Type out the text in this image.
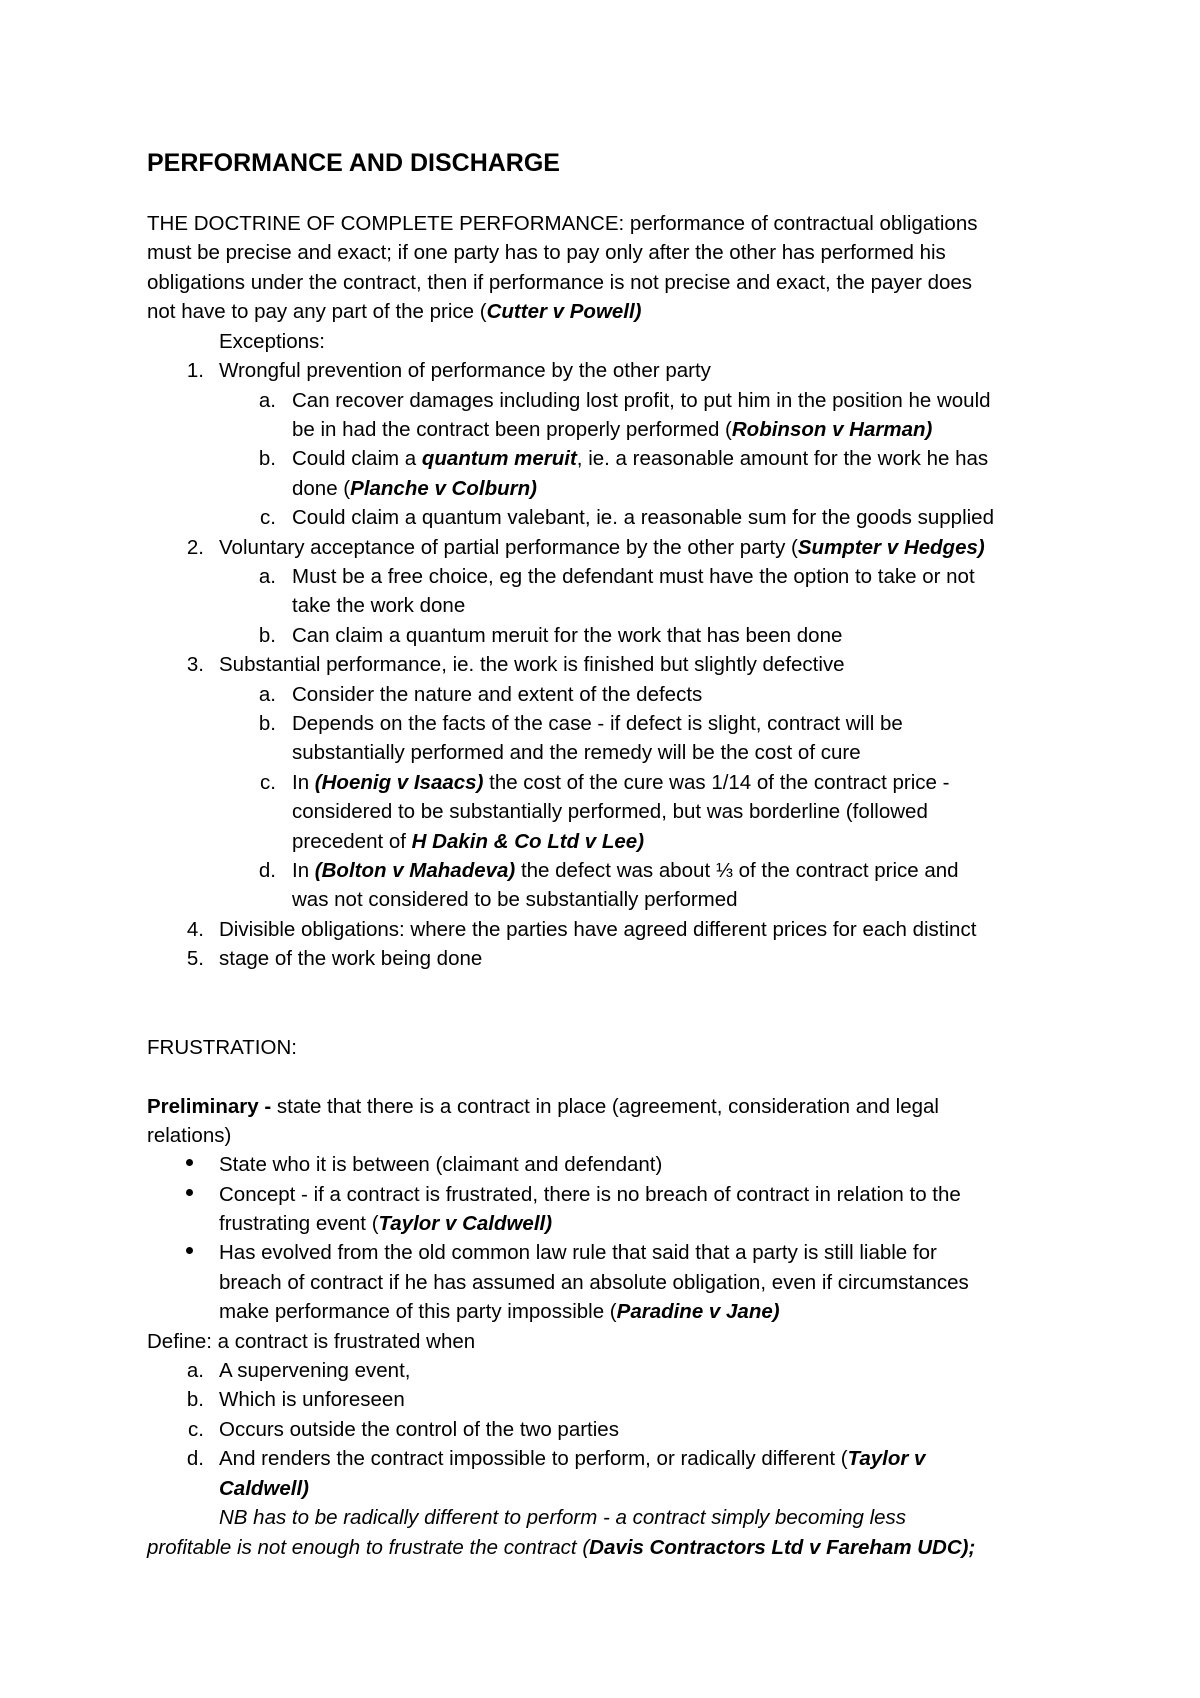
PERFORMANCE AND DISCHARGE
THE DOCTRINE OF COMPLETE PERFORMANCE: performance of contractual obligations
must be precise and exact; if one party has to pay only after the other has performed his
obligations under the contract, then if performance is not precise and exact, the payer does
not have to pay any part of the price (Cutter v Powell)
Exceptions:
1. Wrongful prevention of performance by the other party
a. Can recover damages including lost profit, to put him in the position he would
be in had the contract been properly performed (Robinson v Harman)
b. Could claim a quantum meruit, ie. a reasonable amount for the work he has
done (Planche v Colburn)
c. Could claim a quantum valebant, ie. a reasonable sum for the goods supplied
2. Voluntary acceptance of partial performance by the other party (Sumpter v Hedges)
a. Must be a free choice, eg the defendant must have the option to take or not
take the work done
b. Can claim a quantum meruit for the work that has been done
3. Substantial performance, ie. the work is finished but slightly defective
a. Consider the nature and extent of the defects
b. Depends on the facts of the case - if defect is slight, contract will be
substantially performed and the remedy will be the cost of cure
c. In (Hoenig v Isaacs) the cost of the cure was 1/14 of the contract price -
considered to be substantially performed, but was borderline (followed
precedent of H Dakin & Co Ltd v Lee)
d. In (Bolton v Mahadeva) the defect was about ⅓ of the contract price and
was not considered to be substantially performed
4. Divisible obligations: where the parties have agreed different prices for each distinct
5. stage of the work being done
FRUSTRATION:
Preliminary - state that there is a contract in place (agreement, consideration and legal
relations)
State who it is between (claimant and defendant)
Concept - if a contract is frustrated, there is no breach of contract in relation to the
frustrating event (Taylor v Caldwell)
Has evolved from the old common law rule that said that a party is still liable for
breach of contract if he has assumed an absolute obligation, even if circumstances
make performance of this party impossible (Paradine v Jane)
Define: a contract is frustrated when
a. A supervening event,
b. Which is unforeseen
c. Occurs outside the control of the two parties
d. And renders the contract impossible to perform, or radically different (Taylor v
Caldwell)
NB has to be radically different to perform - a contract simply becoming less
profitable is not enough to frustrate the contract (Davis Contractors Ltd v Fareham UDC);
